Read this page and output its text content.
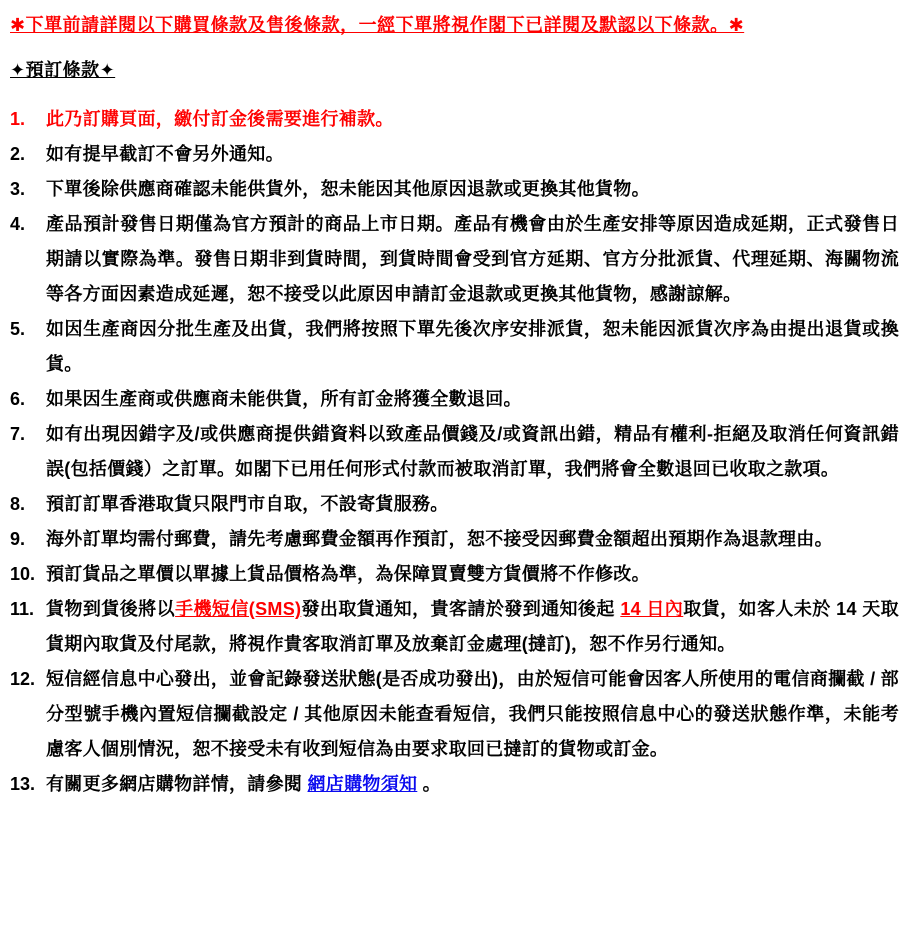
✱下單前請詳閱以下購買條款及售後條款，一經下單將視作閣下已詳閱及默認以下條款。✱
✦預訂條款✦
1.	此乃訂購頁面，繳付訂金後需要進行補款。
2.	如有提早截訂不會另外通知。
3.	下單後除供應商確認未能供貨外，恕未能因其他原因退款或更換其他貨物。
4.	產品預計發售日期僅為官方預計的商品上市日期。產品有機會由於生產安排等原因造成延期，正式發售日期請以實際為準。發售日期非到貨時間，到貨時間會受到官方延期、官方分批派貨、代理延期、海關物流等各方面因素造成延遲，恕不接受以此原因申請訂金退款或更換其他貨物，感謝諒解。
5.	如因生產商因分批生產及出貨，我們將按照下單先後次序安排派貨，恕未能因派貨次序為由提出退貨或換貨。
6.	如果因生產商或供應商未能供貨，所有訂金將獲全數退回。
7.	如有出現因錯字及/或供應商提供錯資料以致產品價錢及/或資訊出錯，精品有權利-拒絕及取消任何資訊錯誤(包括價錢）之訂單。如閣下已用任何形式付款而被取消訂單，我們將會全數退回已收取之款項。
8.	預訂訂單香港取貨只限門市自取，不設寄貨服務。
9.	海外訂單均需付郵費，請先考慮郵費金額再作預訂，恕不接受因郵費金額超出預期作為退款理由。
10. 預訂貨品之單價以單據上貨品價格為準，為保障買賣雙方貨價將不作修改。
11. 貨物到貨後將以手機短信(SMS)發出取貨通知，貴客請於發到通知後起 14 日內取貨，如客人未於 14 天取貨期內取貨及付尾款，將視作貴客取消訂單及放棄訂金處理(撻訂)，恕不作另行通知。
12. 短信經信息中心發出，並會記錄發送狀態(是否成功發出)，由於短信可能會因客人所使用的電信商攔截 / 部分型號手機內置短信攔截設定 / 其他原因未能查看短信，我們只能按照信息中心的發送狀態作準，未能考慮客人個別情況，恕不接受未有收到短信為由要求取回已撻訂的貨物或訂金。
13. 有關更多網店購物詳情，請參閱 網店購物須知 。
